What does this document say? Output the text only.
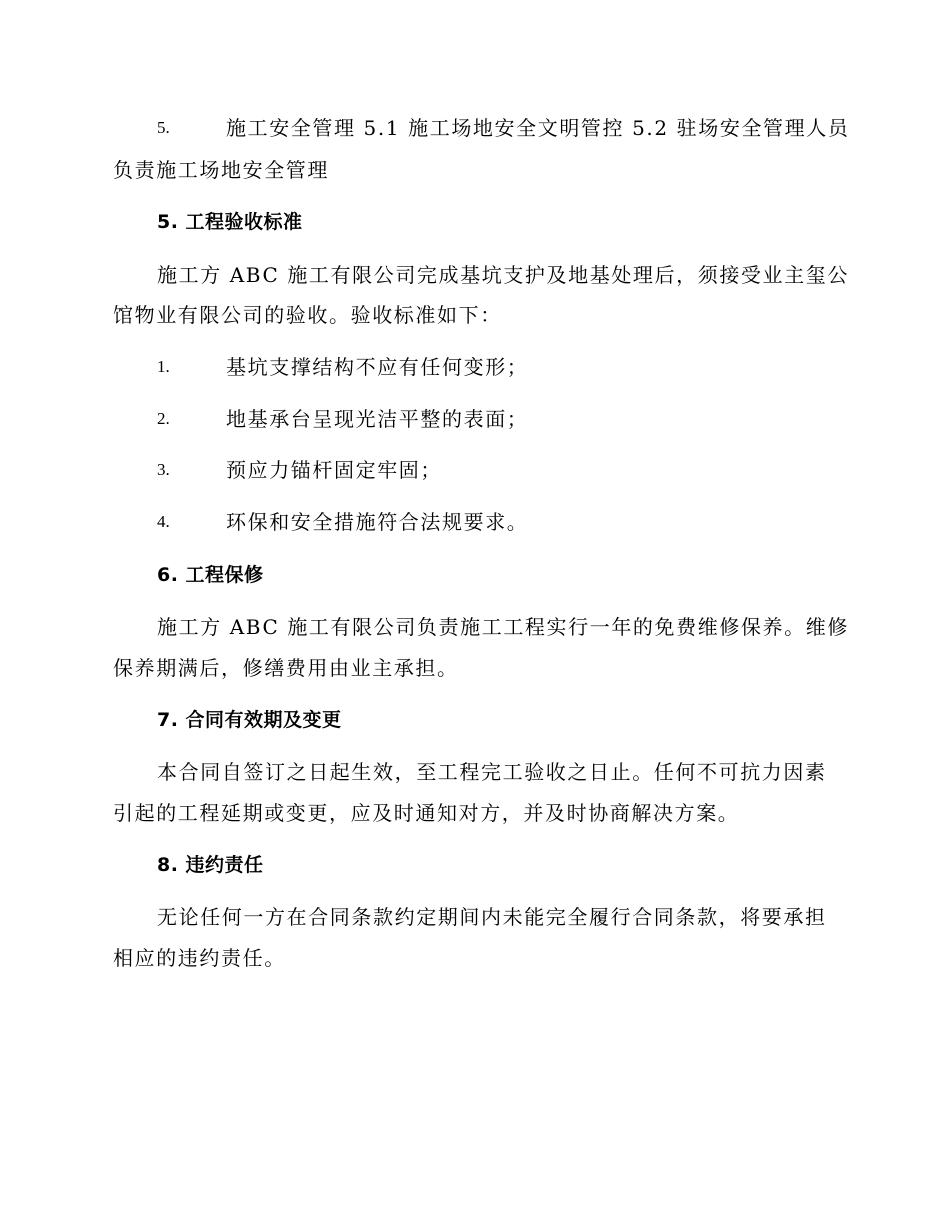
5.	施工安全管理 5.1 施工场地安全文明管控 5.2 驻场安全管理人员
负责施工场地安全管理
5. 工程验收标准
施工方 ABC 施工有限公司完成基坑支护及地基处理后，须接受业主玺公
馆物业有限公司的验收。验收标准如下：
1.	基坑支撑结构不应有任何变形；
2.	地基承台呈现光洁平整的表面；
3.	预应力锚杆固定牢固；
4.	环保和安全措施符合法规要求。
6. 工程保修
施工方 ABC 施工有限公司负责施工工程实行一年的免费维修保养。维修
保养期满后，修缮费用由业主承担。
7. 合同有效期及变更
本合同自签订之日起生效，至工程完工验收之日止。任何不可抗力因素
引起的工程延期或变更，应及时通知对方，并及时协商解决方案。
8. 违约责任
无论任何一方在合同条款约定期间内未能完全履行合同条款，将要承担
相应的违约责任。
